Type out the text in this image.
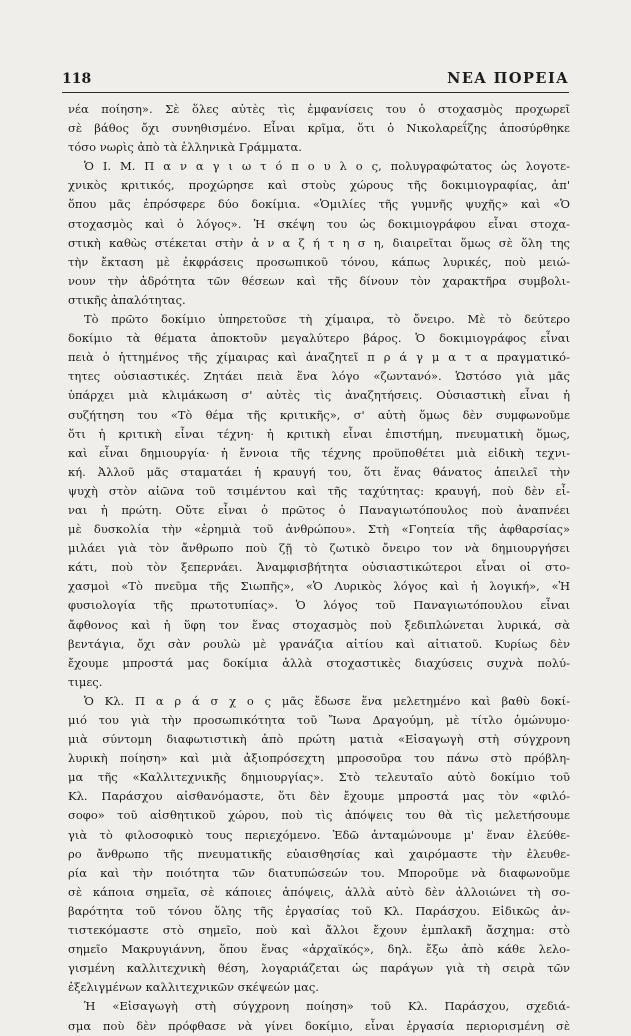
118	ΝΕΑ ΠΟΡΕΙΑ
νέα ποίηση». Σὲ ὅλες αὐτὲς τὶς ἐμφανίσεις του ὁ στοχασμὸς προχωρεῖ
σὲ βάθος ὄχι συνηθισμένο. Εἶναι κρῖμα, ὅτι ὁ Νικολαρεΐζης ἀποσύρθηκε
τόσο νωρὶς ἀπὸ τὰ ἑλληνικὰ Γράμματα.
Ὁ Ι. Μ. Π α ν α γ ι ω τ ό π ο υ λ ο ς, πολυγραφώτατος ὡς λογοτε-
χνικὸς κριτικός, προχώρησε καὶ στοὺς χώρους τῆς δοκιμιογραφίας, ἀπ'
ὅπου μᾶς ἐπρόσφερε δύο δοκίμια. «Ὁμιλίες τῆς γυμνῆς ψυχῆς» καὶ «Ὁ
στοχασμὸς καὶ ὁ λόγος». Ἡ σκέψη του ὡς δοκιμιογράφου εἶναι στοχα-
στικὴ καθὼς στέκεται στὴν ἀ ν α ζ ή τ η σ η, διαιρεῖται ὅμως σὲ ὅλη της
τὴν ἔκταση μὲ ἐκφράσεις προσωπικοῦ τόνου, κάπως λυρικές, ποὺ μειώ-
νουν τὴν ἀδρότητα τῶν θέσεων καὶ τῆς δίνουν τὸν χαρακτῆρα συμβολι-
στικῆς ἁπαλότητας.
Τὸ πρῶτο δοκίμιο ὑπηρετοῦσε τὴ χίμαιρα, τὸ ὄνειρο. Μὲ τὸ δεύτερο
δοκίμιο τὰ θέματα ἀποκτοῦν μεγαλύτερο βάρος. Ὁ δοκιμιογράφος εἶναι
πειὰ ὁ ἡττημένος τῆς χίμαιρας καὶ ἀναζητεῖ π ρ ά γ μ α τ α πραγματικό-
τητες οὐσιαστικές. Ζητάει πειὰ ἕνα λόγο «ζωντανό». Ὡστόσο γιὰ μᾶς
ὑπάρχει μιὰ κλιμάκωση σ' αὐτὲς τὶς ἀναζητήσεις. Οὐσιαστικὴ εἶναι ἡ
συζήτηση του «Τὸ θέμα τῆς κριτικῆς», σ' αὐτὴ ὅμως δὲν συμφωνοῦμε
ὅτι ἡ κριτικὴ εἶναι τέχνη· ἡ κριτικὴ εἶναι ἐπιστήμη, πνευματικὴ ὅμως,
καὶ εἶναι δημιουργία· ἡ ἔννοια τῆς τέχνης προϋποθέτει μιὰ εἰδικὴ τεχνι-
κή. Ἀλλοῦ μᾶς σταματάει ἡ κραυγή του, ὅτι ἕνας θάνατος ἀπειλεῖ τὴν
ψυχὴ στὸν αἰῶνα τοῦ τσιμέντου καὶ τῆς ταχύτητας: κραυγή, ποὺ δὲν εἶ-
ναι ἡ πρώτη. Οὔτε εἶναι ὁ πρῶτος ὁ Παναγιωτόπουλος ποὺ ἀναπνέει
μὲ δυσκολία τὴν «ἐρημιὰ τοῦ ἀνθρώπου». Στὴ «Γοητεία τῆς ἀφθαρσίας»
μιλάει γιὰ τὸν ἄνθρωπο ποὺ ζῇ τὸ ζωτικὸ ὄνειρο τον νὰ δημιουργήσει
κάτι, ποὺ τὸν ξεπερνάει. Ἀναμφισβήτητα οὐσιαστικώτεροι εἶναι οἱ στο-
χασμοὶ «Τὸ πνεῦμα τῆς Σιωπῆς», «Ὁ Λυρικὸς λόγος καὶ ἡ λογική», «Ἡ
φυσιολογία τῆς πρωτοτυπίας». Ὁ λόγος τοῦ Παναγιωτόπουλου εἶναι
ἄφθονος καὶ ἡ ὕφη τον ἕνας στοχασμὸς ποὺ ξεδιπλώνεται λυρικά, σὰ
βεντάγια, ὄχι σὰν ρουλὼ μὲ γρανάζια αἰτίου καὶ αἰτιατοῦ. Κυρίως δὲν
ἔχουμε μπροστά μας δοκίμια ἀλλὰ στοχαστικὲς διαχύσεις συχνὰ πολύ-
τιμες.
Ὁ Κλ. Π α ρ ά σ χ ο ς μᾶς ἔδωσε ἕνα μελετημένο καὶ βαθὺ δοκί-
μιό του γιὰ τὴν προσωπικότητα τοῦ Ἴωνα Δραγούμη, μὲ τίτλο ὁμώνυμο·
μιὰ σύντομη διαφωτιστικὴ ἀπὸ πρώτη ματιὰ «Εἰσαγωγὴ στὴ σύγχρονη
λυρικὴ ποίηση» καὶ μιὰ ἀξιοπρόσεχτη μπροσοῦρα του πάνω στὸ πρόβλη-
μα τῆς «Καλλιτεχνικῆς δημιουργίας». Στὸ τελευταῖο αὐτὸ δοκίμιο τοῦ
Κλ. Παράσχου αἰσθανόμαστε, ὅτι δὲν ἔχουμε μπροστά μας τὸν «φιλό-
σοφο» τοῦ αἰσθητικοῦ χώρου, ποὺ τὶς ἀπόψεις του θὰ τὶς μελετήσουμε
γιὰ τὸ φιλοσοφικὸ τους περιεχόμενο. Ἐδῶ ἀνταμώνουμε μ' ἕναν ἐλεύθε-
ρο ἄνθρωπο τῆς πνευματικῆς εὐαισθησίας καὶ χαιρόμαστε τὴν ἐλευθε-
ρία καὶ τὴν ποιότητα τῶν διατυπώσεών του. Μποροῦμε νὰ διαφωνοῦμε
σὲ κάποια σημεῖα, σὲ κάποιες ἀπόψεις, ἀλλὰ αὐτὸ δὲν ἀλλοιώνει τὴ σο-
βαρότητα τοῦ τόνου ὅλης τῆς ἐργασίας τοῦ Κλ. Παράσχου. Εἰδικῶς ἀν-
τιστεκόμαστε στὸ σημεῖο, ποὺ καὶ ἄλλοι ἔχουν ἐμπλακῆ ἄσχημα: στὸ
σημεῖο Μακρυγιάννη, ὅπου ἕνας «ἀρχαϊκός», δηλ. ἔξω ἀπὸ κάθε λελο-
γισμένη καλλιτεχνικὴ θέση, λογαριάζεται ὡς παράγων γιὰ τὴ σειρὰ τῶν
ἐξελιγμένων καλλιτεχνικῶν σκέψεών μας.
Ἡ «Εἰσαγωγὴ στὴ σύγχρονη ποίηση» τοῦ Κλ. Παράσχου, σχεδιά-
σμα ποὺ δὲν πρόφθασε νὰ γίνει δοκίμιο, εἶναι ἐργασία περιορισμένη σὲ
